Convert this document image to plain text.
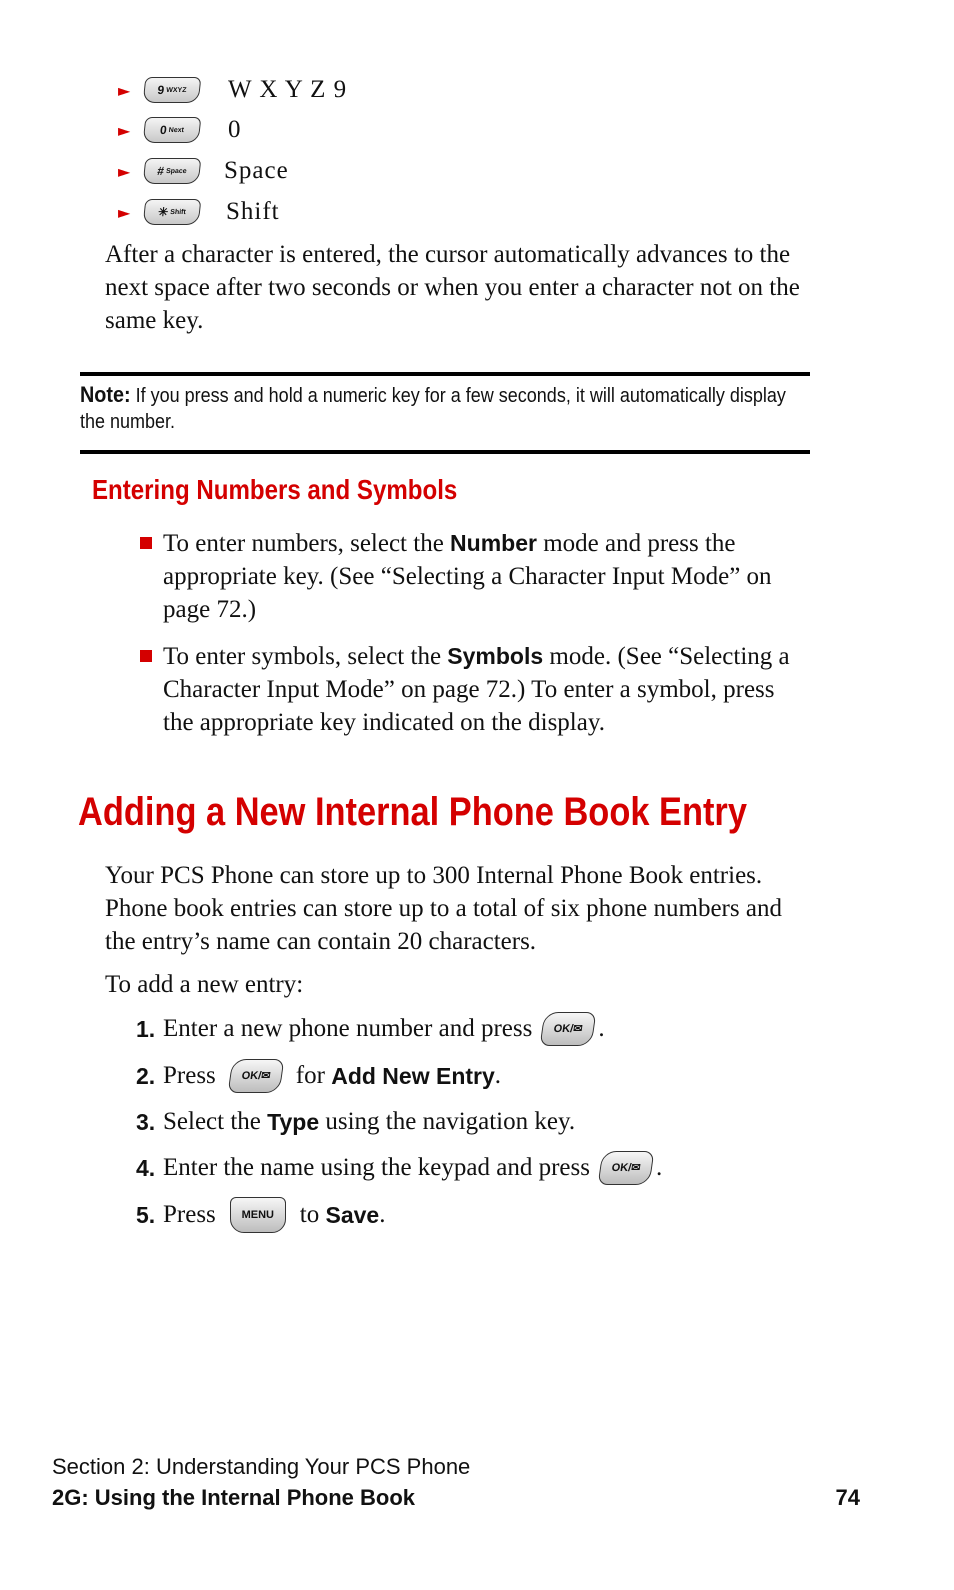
►	9 WXYZ W X Y Z 9
►	0 Next 0
►	# Space Space
►	✳ Shift Shift
After a character is entered, the cursor automatically advances to the next space after two seconds or when you enter a character not on the same key.
Note: If you press and hold a numeric key for a few seconds, it will automatically display the number.
Entering Numbers and Symbols
To enter numbers, select the Number mode and press the appropriate key. (See “Selecting a Character Input Mode” on page 72.)
To enter symbols, select the Symbols mode. (See “Selecting a Character Input Mode” on page 72.) To enter a symbol, press the appropriate key indicated on the display.
Adding a New Internal Phone Book Entry
Your PCS Phone can store up to 300 Internal Phone Book entries. Phone book entries can store up to a total of six phone numbers and the entry’s name can contain 20 characters.
To add a new entry:
1. Enter a new phone number and press	OK/✉ .
2. Press	OK/✉ for Add New Entry .
3. Select the Type using the navigation key.
4. Enter the name using the keypad and press	OK/✉ .
5. Press	MENU	to Save .
Section 2: Understanding Your PCS Phone
2G: Using the Internal Phone Book	74
